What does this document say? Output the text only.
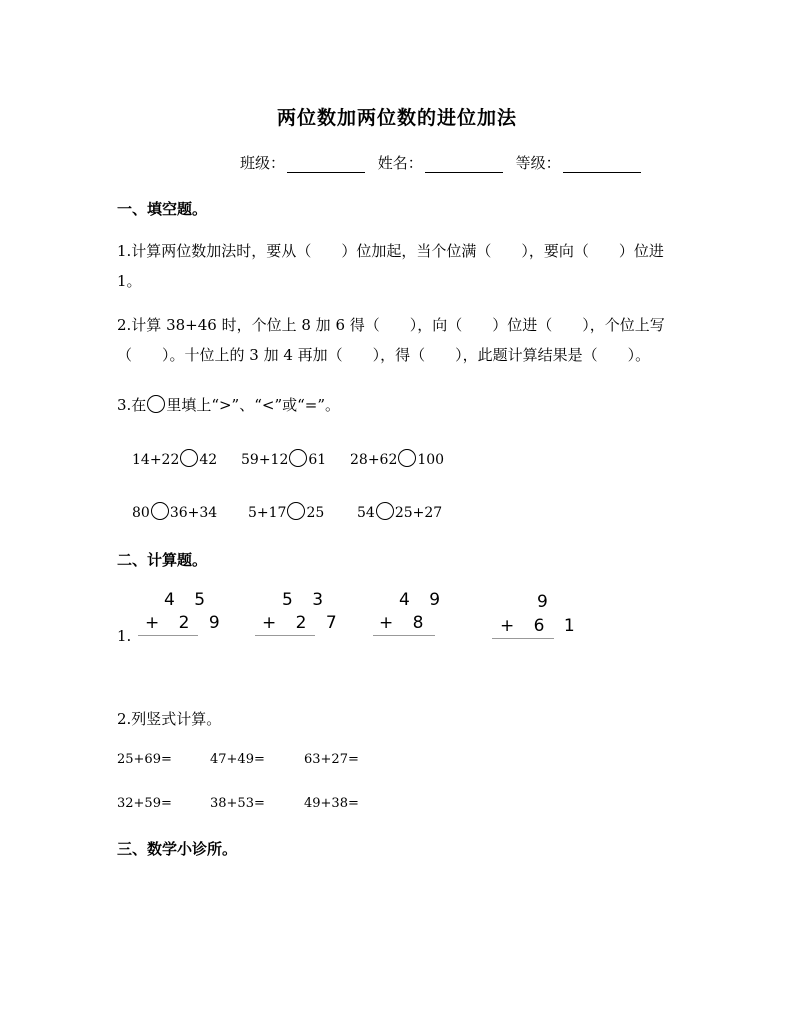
两位数加两位数的进位加法
班级：	姓名：	等级：
一、填空题。
1.计算两位数加法时，要从（　　）位加起，当个位满（　　），要向（　　）位进
1。
2.计算 38+46 时，个位上 8 加 6 得（　　），向（　　）位进（　　），个位上写
（　　）。十位上的 3 加 4 再加（　　），得（　　），此题计算结果是（　　）。
3.在 里填上“>”、“<”或“=”。
14+22 42 59+12 61 28+62 100
80 36+34 5+17 25 54 25+27
二、计算题。
1.
4 5
+ 2 9
5 3
+ 2 7
4 9
+ 8
9
+ 6 1
2.列竖式计算。
25+69=	47+49=	63+27=
32+59=	38+53=	49+38=
三、数学小诊所。
